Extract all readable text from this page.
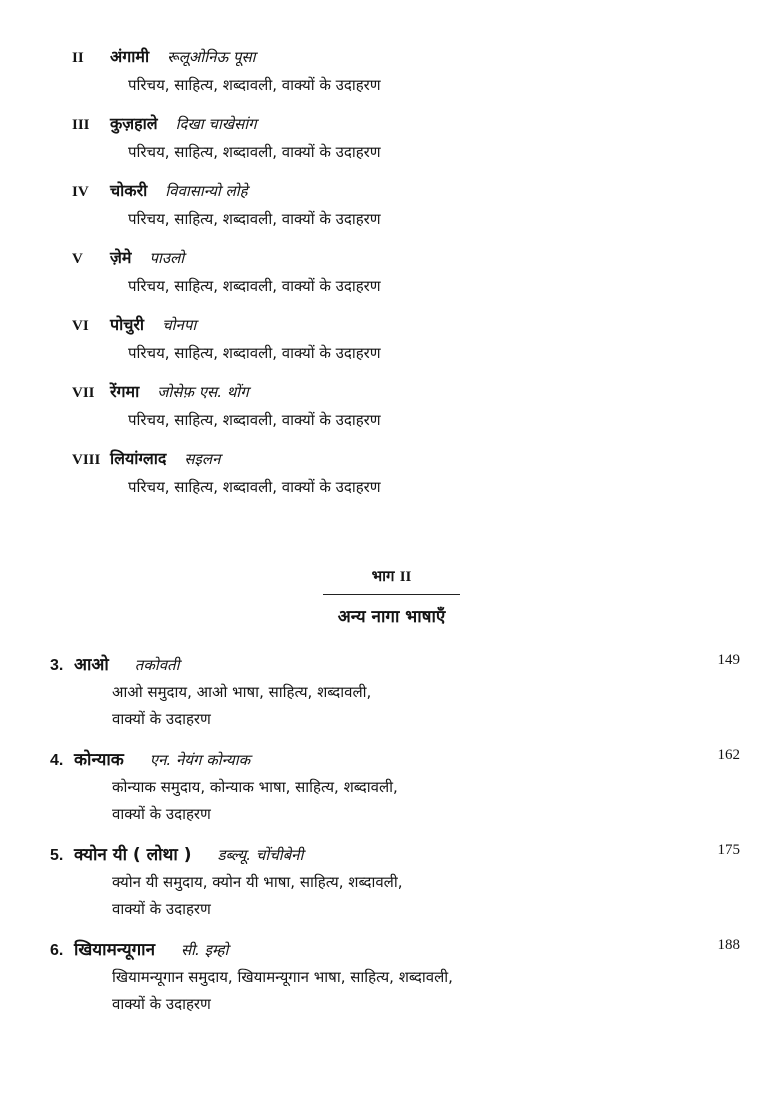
II	अंगामी रूलूओनिऊ पूसा
परिचय, साहित्य, शब्दावली, वाक्यों के उदाहरण
III	कुज़हाले दिखा चाखेसांग
परिचय, साहित्य, शब्दावली, वाक्यों के उदाहरण
IV	चोकरी विवासान्यो लोहे
परिचय, साहित्य, शब्दावली, वाक्यों के उदाहरण
V	ज़ेमे पाउलो
परिचय, साहित्य, शब्दावली, वाक्यों के उदाहरण
VI	पोचुरी चोनपा
परिचय, साहित्य, शब्दावली, वाक्यों के उदाहरण
VII रेंगमा जोसेफ़ एस. थोंग
परिचय, साहित्य, शब्दावली, वाक्यों के उदाहरण
VIII लियांग्लाद सइलन
परिचय, साहित्य, शब्दावली, वाक्यों के उदाहरण
भाग II
अन्य नागा भाषाएँ
3. आओ तकोवती	149
आओ समुदाय, आओ भाषा, साहित्य, शब्दावली,
वाक्यों के उदाहरण
4. कोन्याक एन. नेयंग कोन्याक	162
कोन्याक समुदाय, कोन्याक भाषा, साहित्य, शब्दावली,
वाक्यों के उदाहरण
5. क्योन यी ( लोथा ) डब्ल्यू. चोंचीबेनी	175
क्योन यी समुदाय, क्योन यी भाषा, साहित्य, शब्दावली,
वाक्यों के उदाहरण
6. खियामन्यूगान सी. इम्हो	188
खियामन्यूगान समुदाय, खियामन्यूगान भाषा, साहित्य, शब्दावली,
वाक्यों के उदाहरण
